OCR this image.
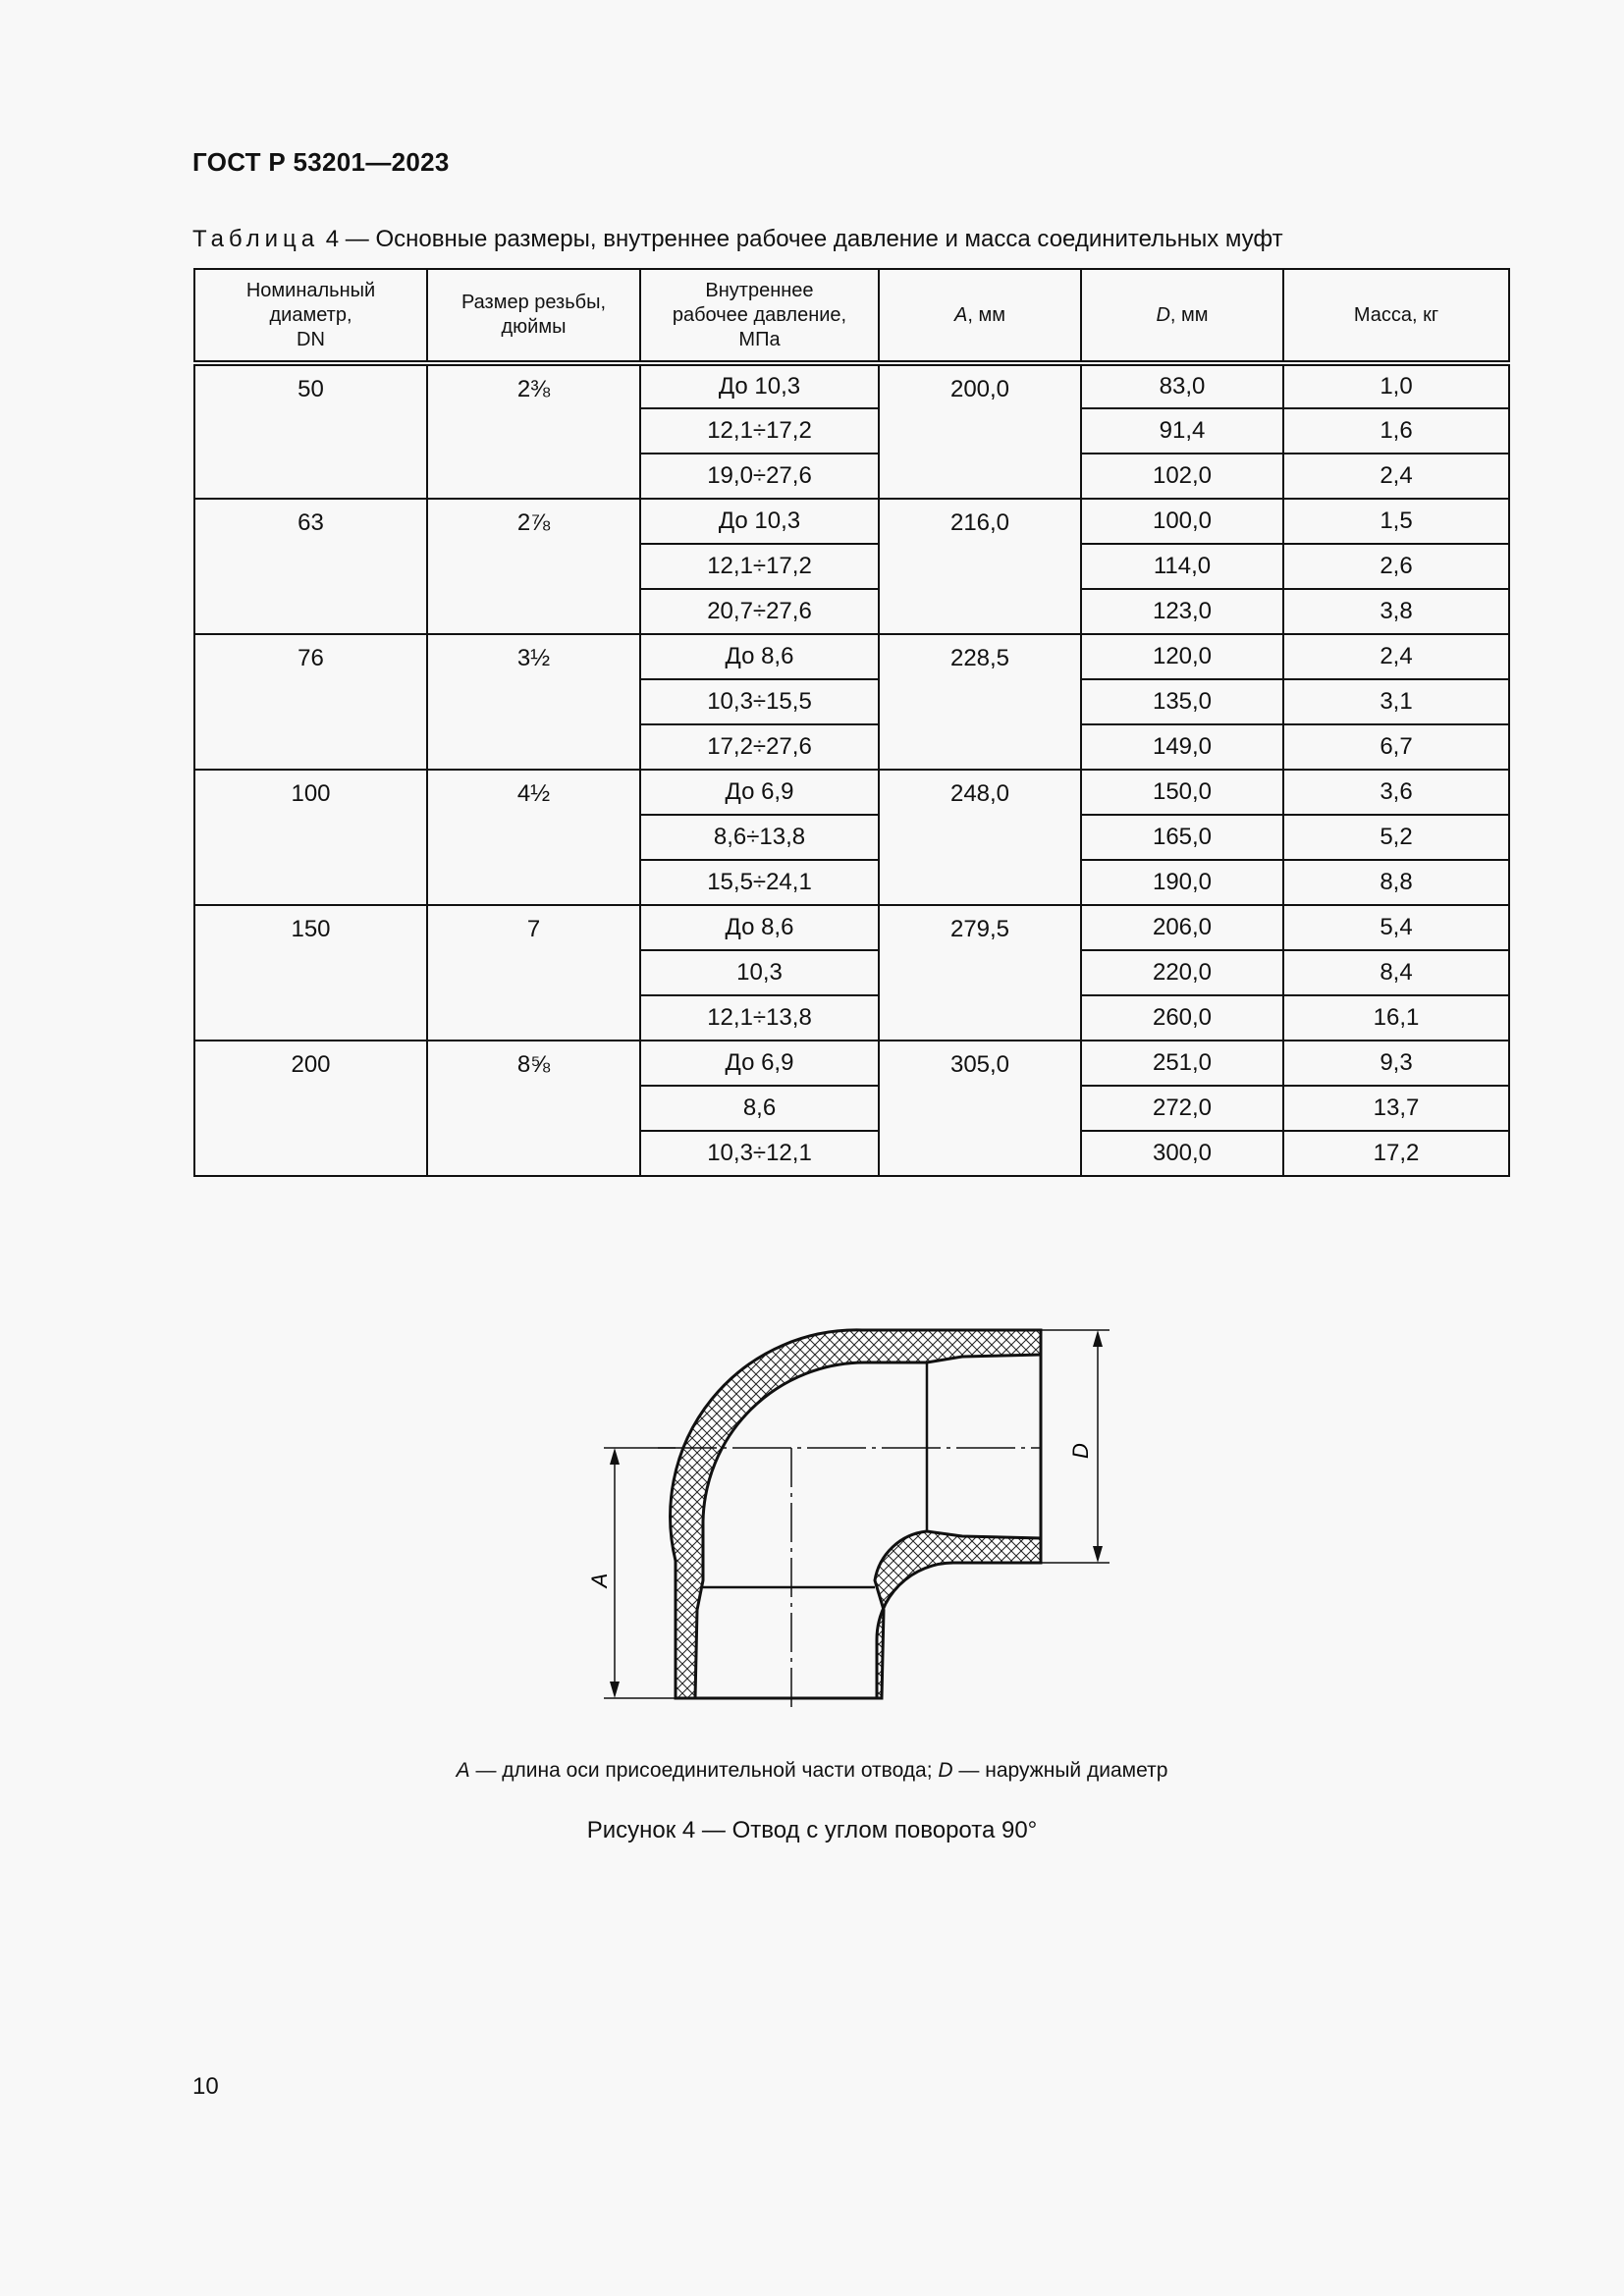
ГОСТ Р 53201—2023
Таблица 4 — Основные размеры, внутреннее рабочее давление и масса соединительных муфт
Номинальный
диаметр,
DN	Размер резьбы,
дюймы	Внутреннее
рабочее давление,
МПа	A, мм	D, мм	Масса, кг
50	2⅜	До 10,3	200,0	83,0	1,0
		12,1÷17,2		91,4	1,6
		19,0÷27,6		102,0	2,4
63	2⅞	До 10,3	216,0	100,0	1,5
		12,1÷17,2		114,0	2,6
		20,7÷27,6		123,0	3,8
76	3½	До 8,6	228,5	120,0	2,4
		10,3÷15,5		135,0	3,1
		17,2÷27,6		149,0	6,7
100	4½	До 6,9	248,0	150,0	3,6
		8,6÷13,8		165,0	5,2
		15,5÷24,1		190,0	8,8
150	7	До 8,6	279,5	206,0	5,4
		10,3		220,0	8,4
		12,1÷13,8		260,0	16,1
200	8⅝	До 6,9	305,0	251,0	9,3
		8,6		272,0	13,7
		10,3÷12,1		300,0	17,2
A
D
A — длина оси присоединительной части отвода; D — наружный диаметр
Рисунок 4 — Отвод с углом поворота 90°
10
